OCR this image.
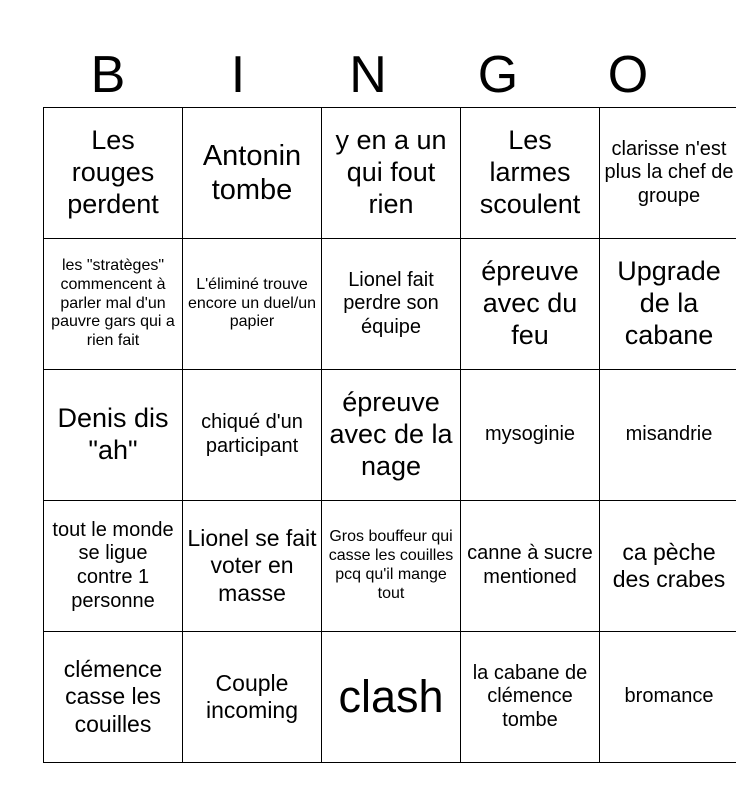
B	I	N	G	O
Les rouges perdent	Antonin tombe	y en a un qui fout rien	Les larmes scoulent	clarisse n'est plus la chef de groupe

les "stratèges" commencent à parler mal d'un pauvre gars qui a rien fait	L'éliminé trouve encore un duel/un papier	Lionel fait perdre son équipe	épreuve avec du feu	Upgrade de la cabane

Denis dis "ah"	chiqué d'un participant	épreuve avec de la nage	mysoginie	misandrie

tout le monde se ligue contre 1 personne	Lionel se fait voter en masse	Gros bouffeur qui casse les couilles pcq qu'il mange tout	canne à sucre mentioned	ca pèche des crabes

clémence casse les couilles	Couple incoming	clash	la cabane de clémence tombe	bromance
